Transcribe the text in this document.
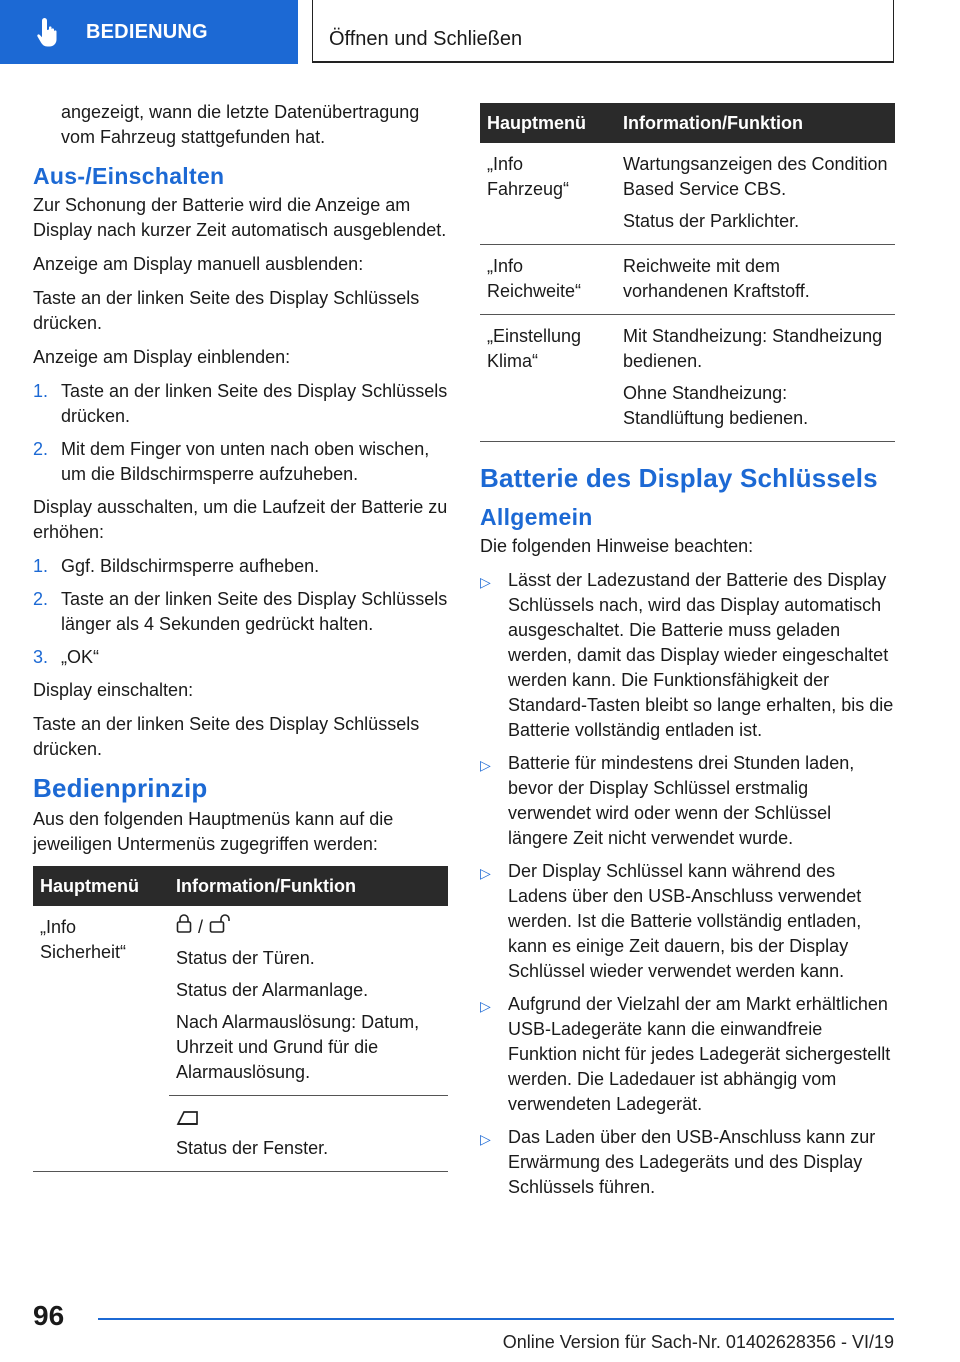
BEDIENUNG	Öffnen und Schließen

angezeigt, wann die letzte Datenübertragung vom Fahrzeug stattgefunden hat.

Aus-/Einschalten

Zur Schonung der Batterie wird die Anzeige am Display nach kurzer Zeit automatisch ausgeblendet.

Anzeige am Display manuell ausblenden:

Taste an der linken Seite des Display Schlüssels drücken.

Anzeige am Display einblenden:

1. Taste an der linken Seite des Display Schlüssels drücken.
2. Mit dem Finger von unten nach oben wischen, um die Bildschirmsperre aufzuheben.

Display ausschalten, um die Laufzeit der Batterie zu erhöhen:

1. Ggf. Bildschirmsperre aufheben.
2. Taste an der linken Seite des Display Schlüssels länger als 4 Sekunden gedrückt halten.
3. „OK“

Display einschalten:

Taste an der linken Seite des Display Schlüssels drücken.

Bedienprinzip

Aus den folgenden Hauptmenüs kann auf die jeweiligen Untermenüs zugegriffen werden:

Hauptmenü	Information/Funktion
„Info Sicherheit“	/

Status der Türen.

Status der Alarmanlage.

Nach Alarmauslösung: Datum, Uhrzeit und Grund für die Alarmauslösung.

	Status der Fenster.

Hauptmenü	Information/Funktion
„Info Fahrzeug“	Wartungsanzeigen des Condition Based Service CBS.

Status der Parklichter.

„Info Reichweite“	Reichweite mit dem vorhandenen Kraftstoff.

„Einstellung Klima“	Mit Standheizung: Standheizung bedienen.

Ohne Standheizung: Standlüftung bedienen.

Batterie des Display Schlüssels
Allgemein

Die folgenden Hinweise beachten:

▷ Lässt der Ladezustand der Batterie des Display Schlüssels nach, wird das Display automatisch ausgeschaltet. Die Batterie muss geladen werden, damit das Display wieder eingeschaltet werden kann. Die Funktionsfähigkeit der Standard-Tasten bleibt so lange erhalten, bis die Batterie vollständig entladen ist.
▷ Batterie für mindestens drei Stunden laden, bevor der Display Schlüssel erstmalig verwendet wird oder wenn der Schlüssel längere Zeit nicht verwendet wurde.
▷ Der Display Schlüssel kann während des Ladens über den USB-Anschluss verwendet werden. Ist die Batterie vollständig entladen, kann es einige Zeit dauern, bis der Display Schlüssel wieder verwendet werden kann.
▷ Aufgrund der Vielzahl der am Markt erhältlichen USB-Ladegeräte kann die einwandfreie Funktion nicht für jedes Ladegerät sichergestellt werden. Die Ladedauer ist abhängig vom verwendeten Ladegerät.
▷ Das Laden über den USB-Anschluss kann zur Erwärmung des Ladegeräts und des Display Schlüssels führen.
96
Online Version für Sach-Nr. 01402628356 - VI/19
